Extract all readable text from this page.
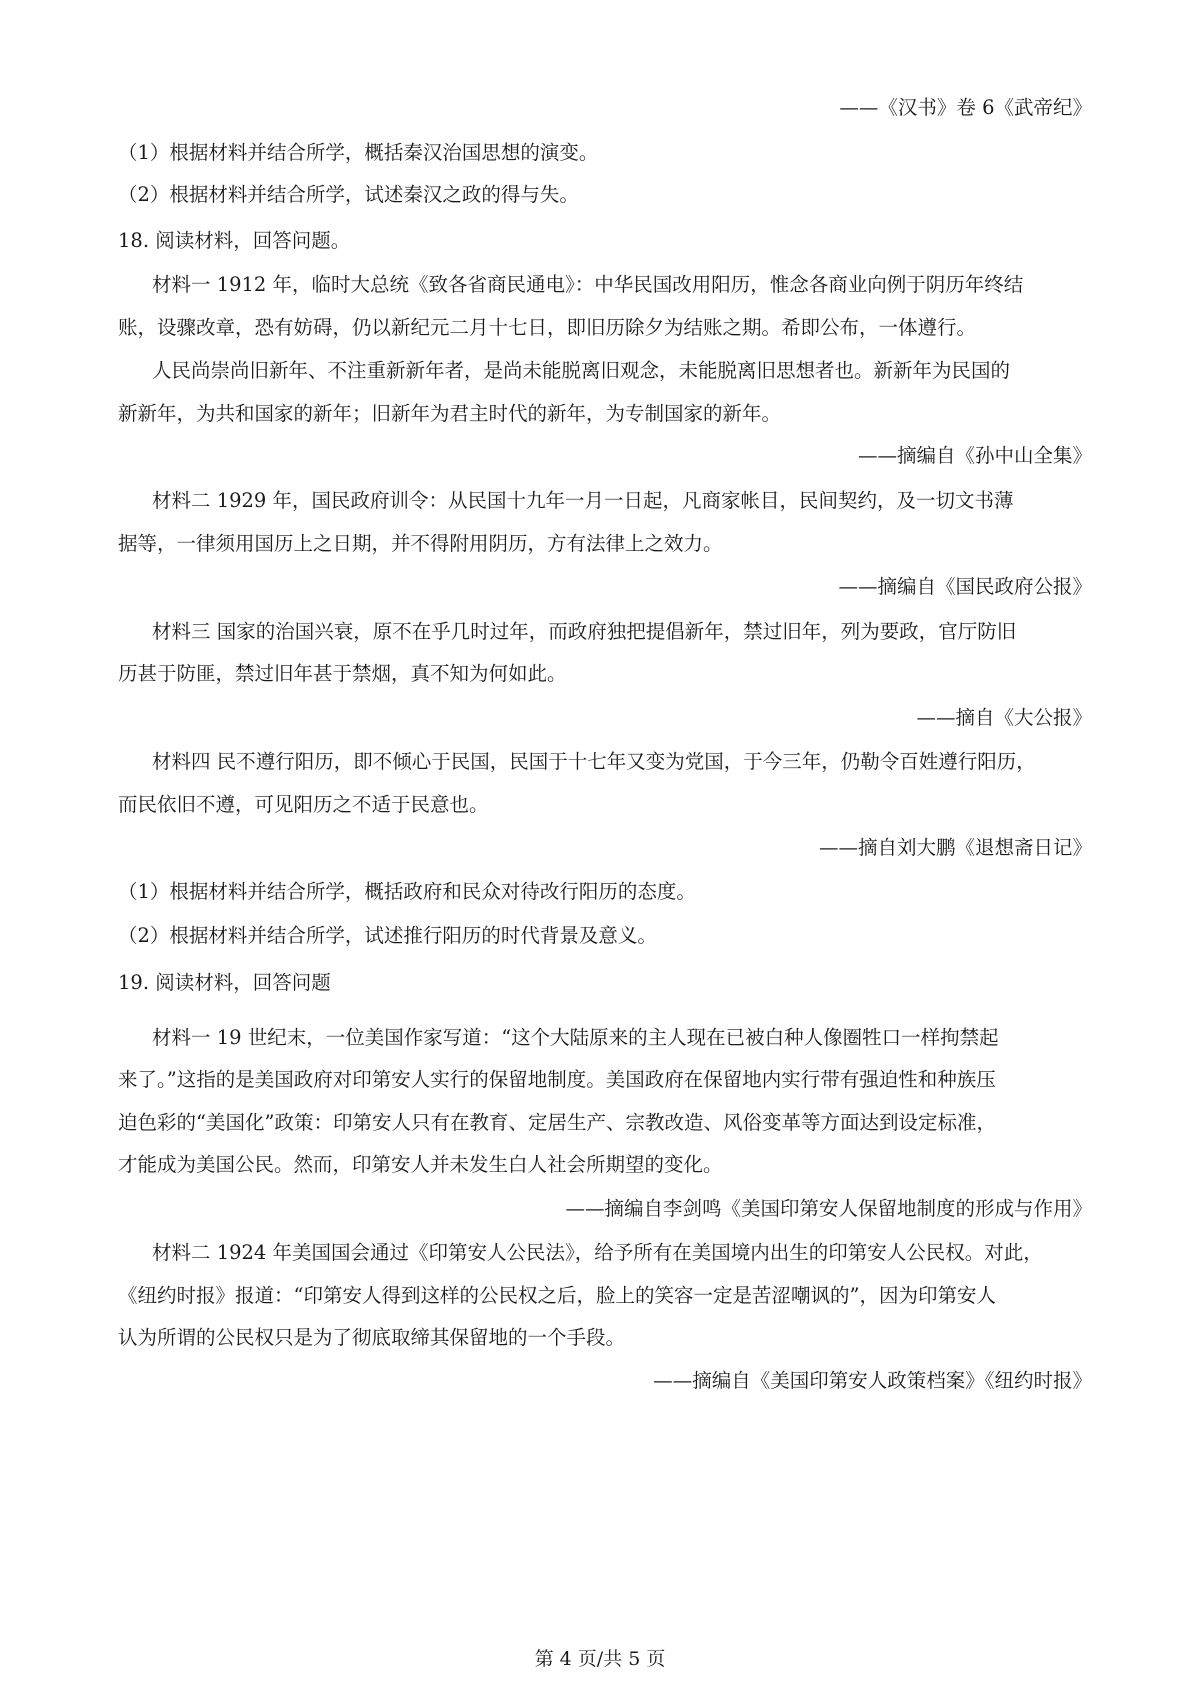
——《汉书》卷 6《武帝纪》
（1）根据材料并结合所学，概括秦汉治国思想的演变。
（2）根据材料并结合所学，试述秦汉之政的得与失。
18. 阅读材料，回答问题。
材料一 1912 年，临时大总统《致各省商民通电》：中华民国改用阳历，惟念各商业向例于阴历年终结
账，设骤改章，恐有妨碍，仍以新纪元二月十七日，即旧历除夕为结账之期。希即公布，一体遵行。
人民尚崇尚旧新年、不注重新新年者，是尚未能脱离旧观念，未能脱离旧思想者也。新新年为民国的
新新年，为共和国家的新年；旧新年为君主时代的新年，为专制国家的新年。
——摘编自《孙中山全集》
材料二 1929 年，国民政府训令：从民国十九年一月一日起，凡商家帐目，民间契约，及一切文书薄
据等，一律须用国历上之日期，并不得附用阴历，方有法律上之效力。
——摘编自《国民政府公报》
材料三 国家的治国兴衰，原不在乎几时过年，而政府独把提倡新年，禁过旧年，列为要政，官厅防旧
历甚于防匪，禁过旧年甚于禁烟，真不知为何如此。
——摘自《大公报》
材料四 民不遵行阳历，即不倾心于民国，民国于十七年又变为党国，于今三年，仍勒令百姓遵行阳历，
而民依旧不遵，可见阳历之不适于民意也。
——摘自刘大鹏《退想斋日记》
（1）根据材料并结合所学，概括政府和民众对待改行阳历的态度。
（2）根据材料并结合所学，试述推行阳历的时代背景及意义。
19. 阅读材料，回答问题
材料一 19 世纪末，一位美国作家写道：“这个大陆原来的主人现在已被白种人像圈牲口一样拘禁起
来了。”这指的是美国政府对印第安人实行的保留地制度。美国政府在保留地内实行带有强迫性和种族压
迫色彩的“美国化”政策：印第安人只有在教育、定居生产、宗教改造、风俗变革等方面达到设定标准，
才能成为美国公民。然而，印第安人并未发生白人社会所期望的变化。
——摘编自李剑鸣《美国印第安人保留地制度的形成与作用》
材料二 1924 年美国国会通过《印第安人公民法》，给予所有在美国境内出生的印第安人公民权。对此，
《纽约时报》报道：“印第安人得到这样的公民权之后，脸上的笑容一定是苦涩嘲讽的”，因为印第安人
认为所谓的公民权只是为了彻底取缔其保留地的一个手段。
——摘编自《美国印第安人政策档案》《纽约时报》
第 4 页/共 5 页
